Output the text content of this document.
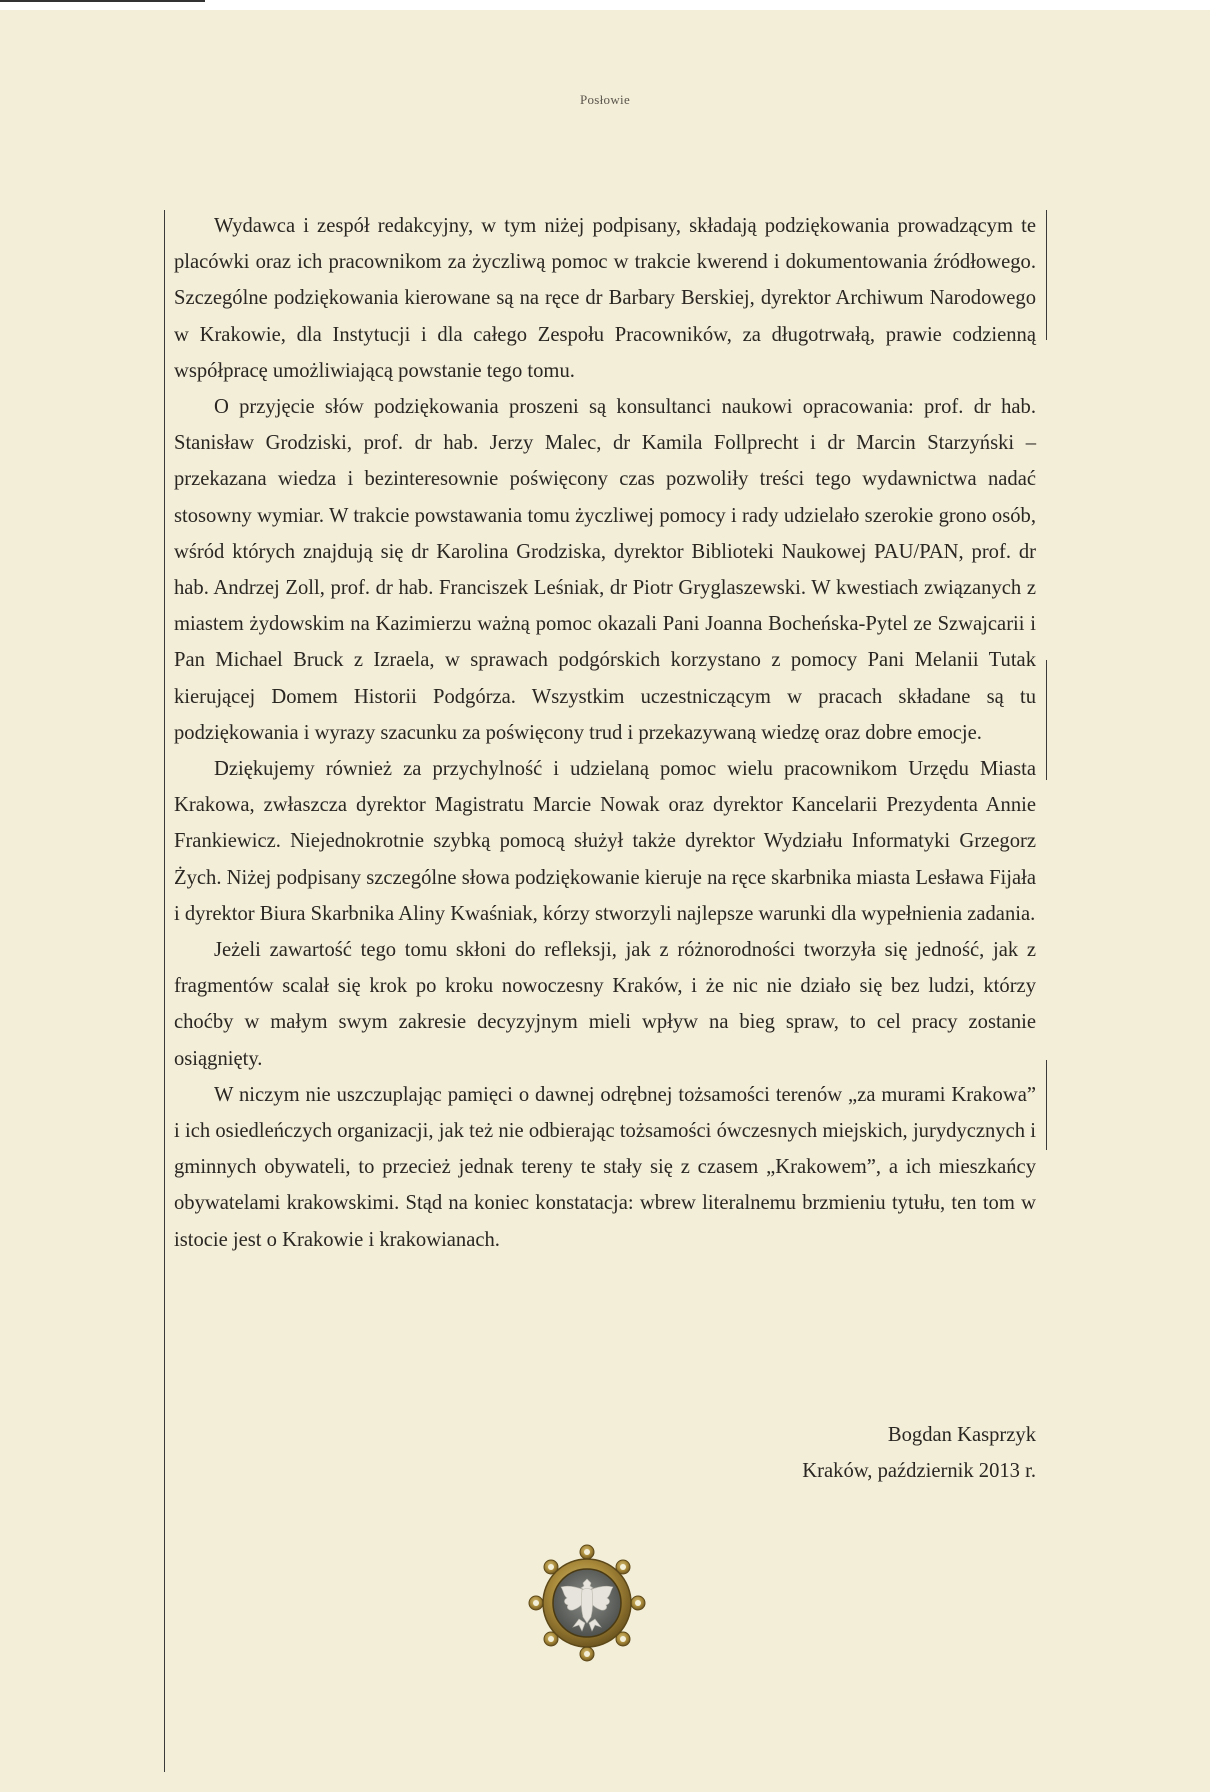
Posłowie

Wydawca i zespół redakcyjny, w tym niżej podpisany, składają podziękowania prowadzącym te placówki oraz ich pracownikom za życzliwą pomoc w trakcie kwerend i dokumentowania źródłowego. Szczególne podziękowania kierowane są na ręce dr Barbary Berskiej, dyrektor Archiwum Narodowego w Krakowie, dla Instytucji i dla całego Zespołu Pracowników, za długotrwałą, prawie codzienną współpracę umożliwiającą powstanie tego tomu.

O przyjęcie słów podziękowania proszeni są konsultanci naukowi opracowania: prof. dr hab. Stanisław Grodziski, prof. dr hab. Jerzy Malec, dr Kamila Follprecht i dr Marcin Starzyński – przekazana wiedza i bezinteresownie poświęcony czas pozwoliły treści tego wydawnictwa nadać stosowny wymiar. W trakcie powstawania tomu życzliwej pomocy i rady udzielało szerokie grono osób, wśród których znajdują się dr Karolina Grodziska, dyrektor Biblioteki Naukowej PAU/PAN, prof. dr hab. Andrzej Zoll, prof. dr hab. Franciszek Leśniak, dr Piotr Gryglaszewski. W kwestiach związanych z miastem żydowskim na Kazimierzu ważną pomoc okazali Pani Joanna Bocheńska-Pytel ze Szwajcarii i Pan Michael Bruck z Izraela, w sprawach podgórskich korzystano z pomocy Pani Melanii Tutak kierującej Domem Historii Podgórza. Wszystkim uczestniczącym w pracach składane są tu podziękowania i wyrazy szacunku za poświęcony trud i przekazywaną wiedzę oraz dobre emocje.

Dziękujemy również za przychylność i udzielaną pomoc wielu pracownikom Urzędu Miasta Krakowa, zwłaszcza dyrektor Magistratu Marcie Nowak oraz dyrektor Kancelarii Prezydenta Annie Frankiewicz. Niejednokrotnie szybką pomocą służył także dyrektor Wydziału Informatyki Grzegorz Żych. Niżej podpisany szczególne słowa podziękowanie kieruje na ręce skarbnika miasta Lesława Fijała i dyrektor Biura Skarbnika Aliny Kwaśniak, kórzy stworzyli najlepsze warunki dla wypełnienia zadania.

Jeżeli zawartość tego tomu skłoni do refleksji, jak z różnorodności tworzyła się jedność, jak z fragmentów scalał się krok po kroku nowoczesny Kraków, i że nic nie działo się bez ludzi, którzy choćby w małym swym zakresie decyzyjnym mieli wpływ na bieg spraw, to cel pracy zostanie osiągnięty.

W niczym nie uszczuplając pamięci o dawnej odrębnej tożsamości terenów „za murami Krakowa” i ich osiedleńczych organizacji, jak też nie odbierając tożsamości ówczesnych miejskich, jurydycznych i gminnych obywateli, to przecież jednak tereny te stały się z czasem „Krakowem”, a ich mieszkańcy obywatelami krakowskimi. Stąd na koniec konstatacja: wbrew literalnemu brzmieniu tytułu, ten tom w istocie jest o Krakowie i krakowianach.

Bogdan Kasprzyk
Kraków, październik 2013 r.
